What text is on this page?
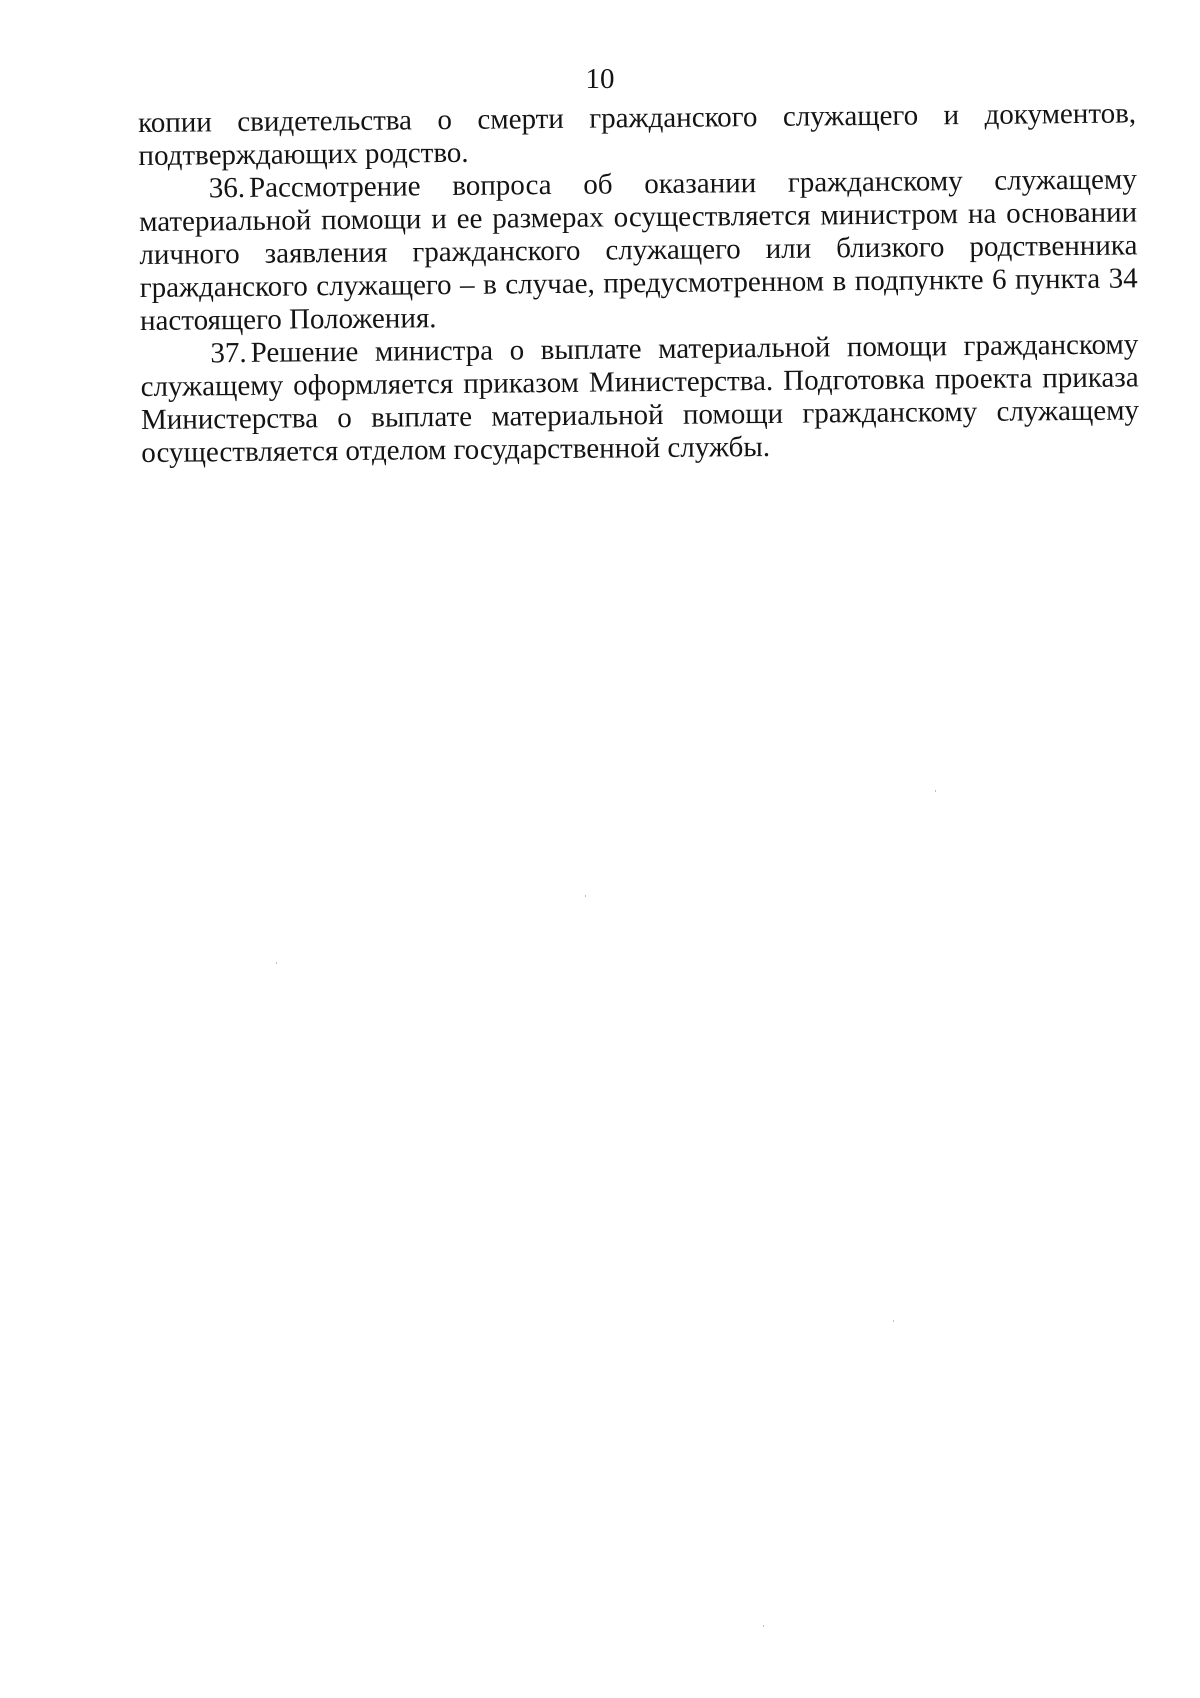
10

копии свидетельства о смерти гражданского служащего и документов, подтверждающих родство.

36. Рассмотрение вопроса об оказании гражданскому служащему материальной помощи и ее размерах осуществляется министром на основании личного заявления гражданского служащего или близкого родственника гражданского служащего – в случае, предусмотренном в подпункте 6 пункта 34 настоящего Положения.

37. Решение министра о выплате материальной помощи гражданскому служащему оформляется приказом Министерства. Подготовка проекта приказа Министерства о выплате материальной помощи гражданскому служащему осуществляется отделом государственной службы.
